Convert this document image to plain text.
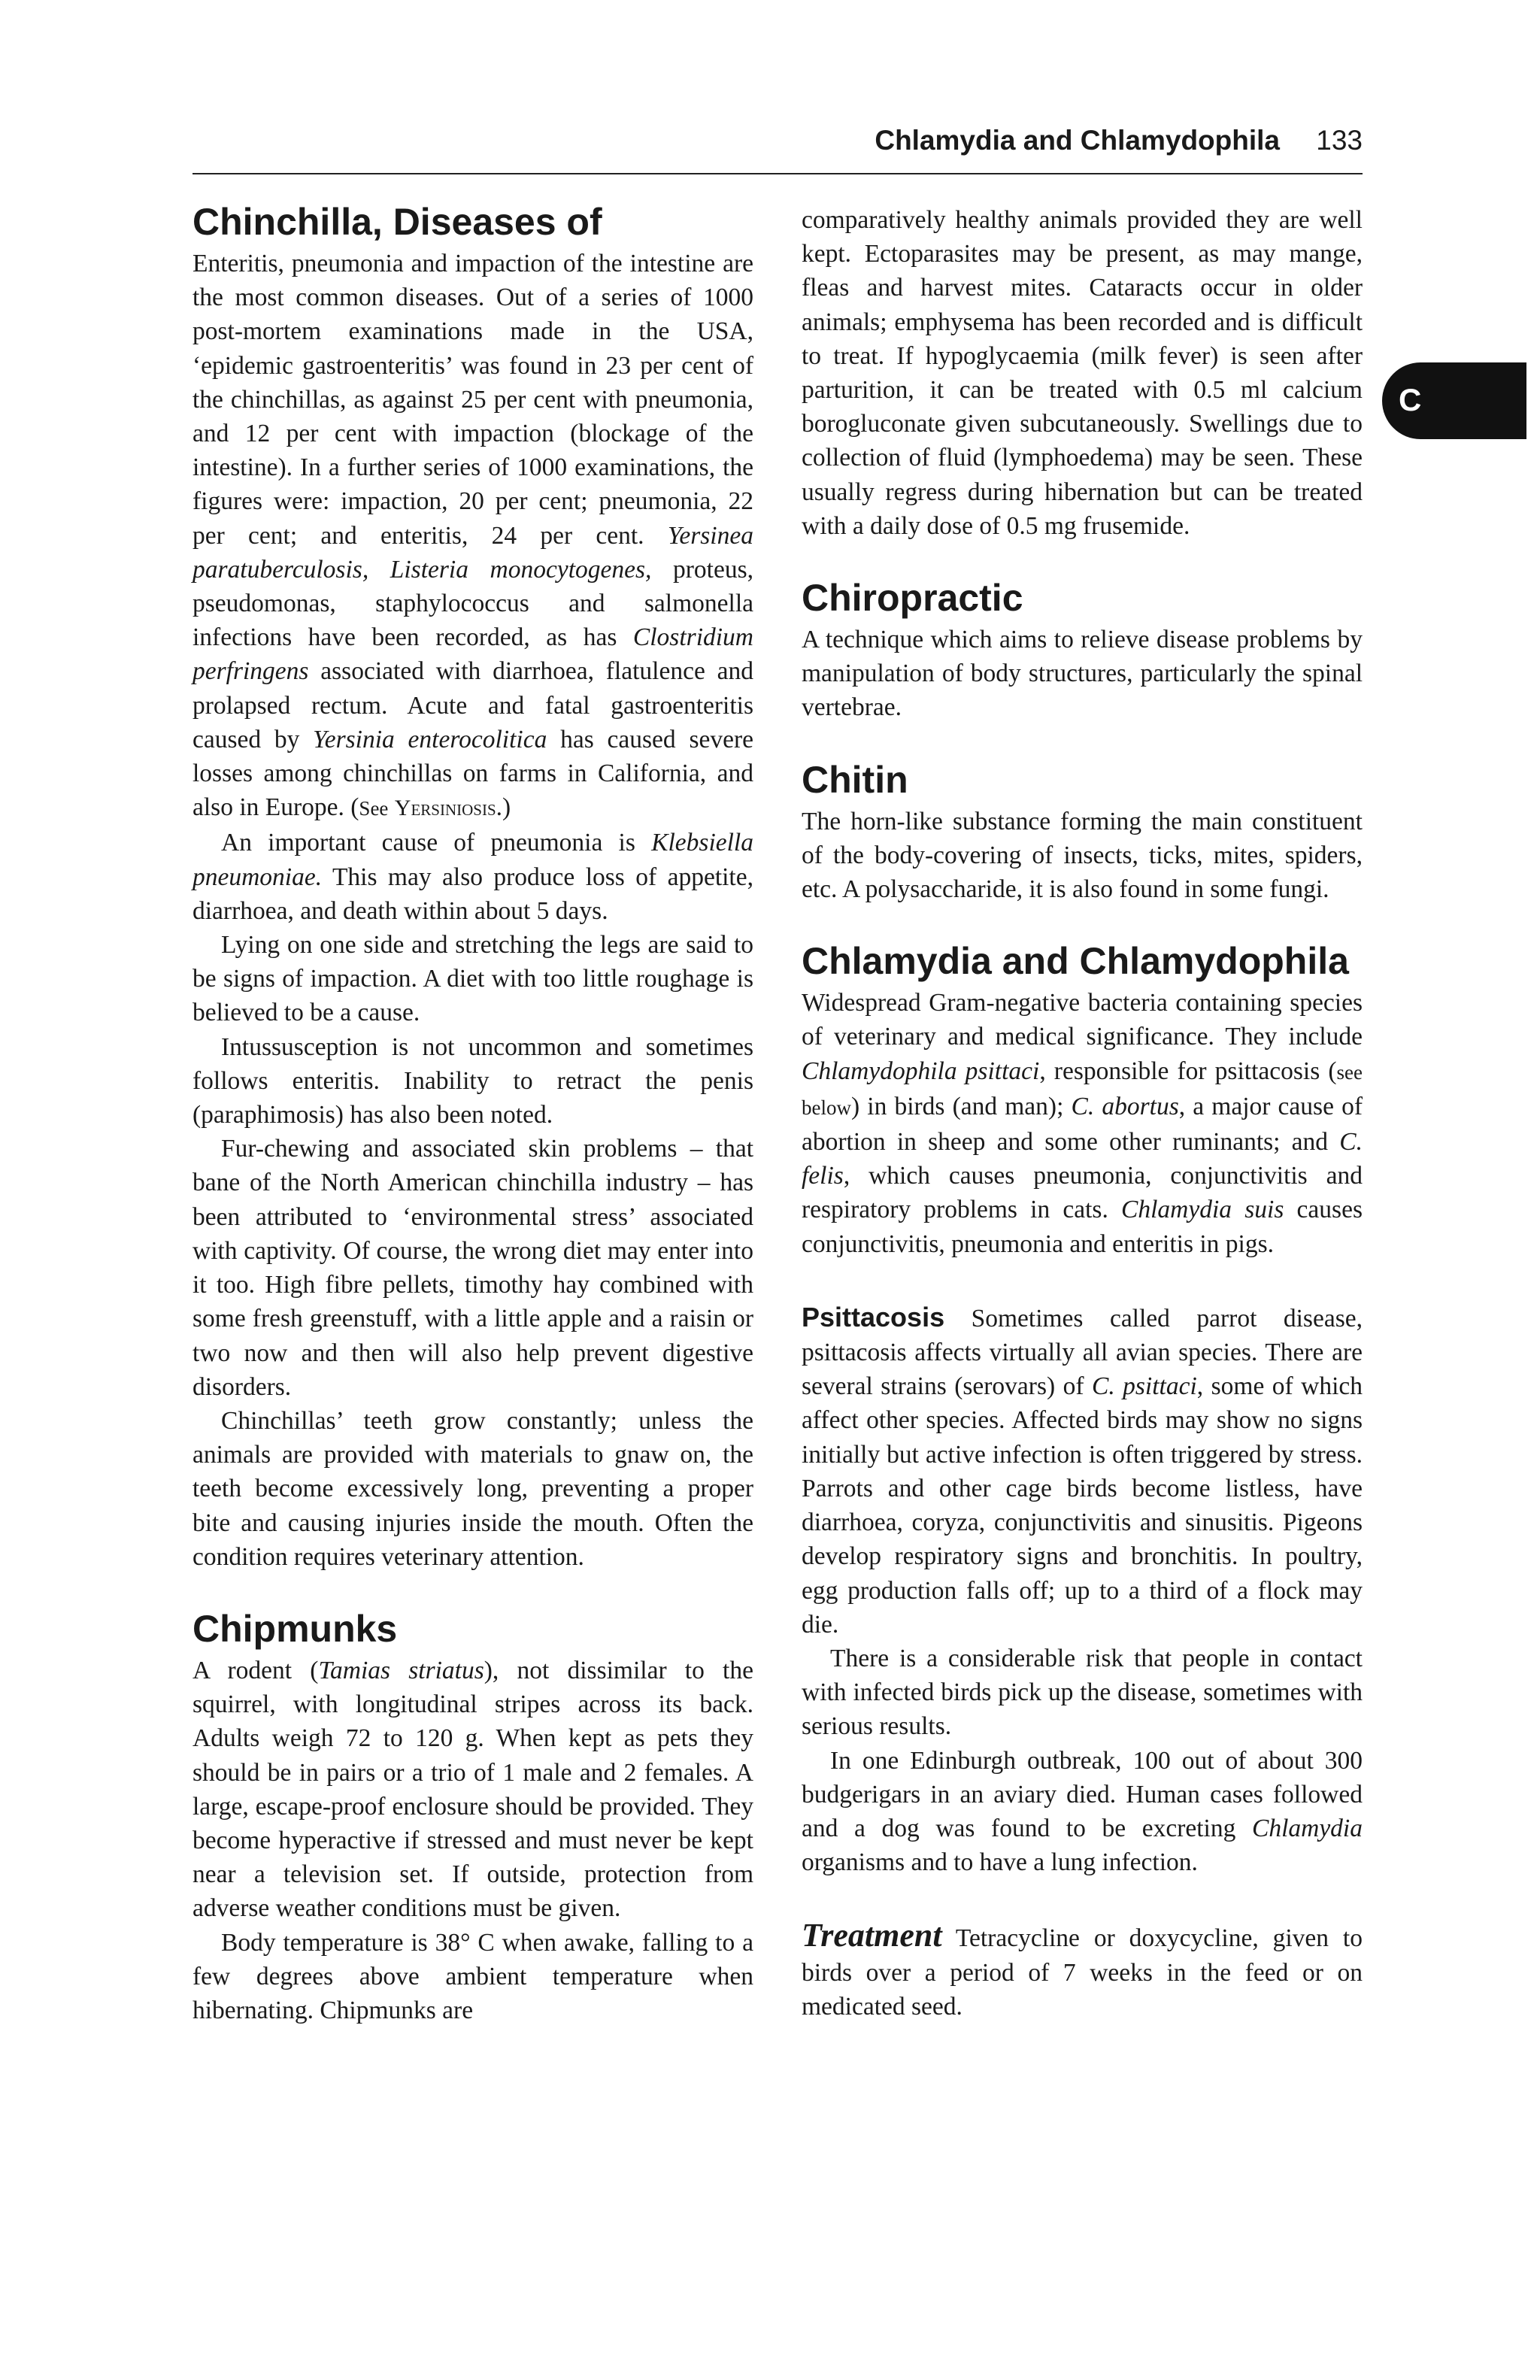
Chlamydia and Chlamydophila 133
C
Chinchilla, Diseases of

Enteritis, pneumonia and impaction of the intestine are the most common diseases. Out of a series of 1000 post-mortem examinations made in the USA, ‘epidemic gastroenteritis’ was found in 23 per cent of the chinchillas, as against 25 per cent with pneumonia, and 12 per cent with impaction (blockage of the intestine). In a further series of 1000 examinations, the figures were: impaction, 20 per cent; pneumonia, 22 per cent; and enteritis, 24 per cent. Yersinea paratuberculosis, Listeria monocytogenes, proteus, pseudomonas, staphylococcus and salmonella infections have been recorded, as has Clostridium perfringens associated with diarrhoea, flatulence and prolapsed rectum. Acute and fatal gastroenteritis caused by Yersinia enterocolitica has caused severe losses among chinchillas on farms in California, and also in Europe. (See Yersiniosis.)

An important cause of pneumonia is Klebsiella pneumoniae. This may also produce loss of appetite, diarrhoea, and death within about 5 days.

Lying on one side and stretching the legs are said to be signs of impaction. A diet with too little roughage is believed to be a cause.

Intussusception is not uncommon and sometimes follows enteritis. Inability to retract the penis (paraphimosis) has also been noted.

Fur-chewing and associated skin problems – that bane of the North American chinchilla industry – has been attributed to ‘environmental stress’ associated with captivity. Of course, the wrong diet may enter into it too. High fibre pellets, timothy hay combined with some fresh greenstuff, with a little apple and a raisin or two now and then will also help prevent digestive disorders.

Chinchillas’ teeth grow constantly; unless the animals are provided with materials to gnaw on, the teeth become excessively long, preventing a proper bite and causing injuries inside the mouth. Often the condition requires veterinary attention.

Chipmunks

A rodent (Tamias striatus), not dissimilar to the squirrel, with longitudinal stripes across its back. Adults weigh 72 to 120 g. When kept as pets they should be in pairs or a trio of 1 male and 2 females. A large, escape-proof enclosure should be provided. They become hyperactive if stressed and must never be kept near a television set. If outside, protection from adverse weather conditions must be given.

Body temperature is 38° C when awake, falling to a few degrees above ambient temperature when hibernating. Chipmunks are

comparatively healthy animals provided they are well kept. Ectoparasites may be present, as may mange, fleas and harvest mites. Cataracts occur in older animals; emphysema has been recorded and is difficult to treat. If hypoglycaemia (milk fever) is seen after parturition, it can be treated with 0.5 ml calcium borogluconate given subcutaneously. Swellings due to collection of fluid (lymphoedema) may be seen. These usually regress during hibernation but can be treated with a daily dose of 0.5 mg frusemide.

Chiropractic

A technique which aims to relieve disease problems by manipulation of body structures, particularly the spinal vertebrae.

Chitin

The horn-like substance forming the main constituent of the body-covering of insects, ticks, mites, spiders, etc. A polysaccharide, it is also found in some fungi.

Chlamydia and Chlamydophila

Widespread Gram-negative bacteria containing species of veterinary and medical significance. They include Chlamydophila psittaci, responsible for psittacosis (see below) in birds (and man); C. abortus, a major cause of abortion in sheep and some other ruminants; and C. felis, which causes pneumonia, conjunctivitis and respiratory problems in cats. Chlamydia suis causes conjunctivitis, pneumonia and enteritis in pigs.

Psittacosis Sometimes called parrot disease, psittacosis affects virtually all avian species. There are several strains (serovars) of C. psittaci, some of which affect other species. Affected birds may show no signs initially but active infection is often triggered by stress. Parrots and other cage birds become listless, have diarrhoea, coryza, conjunctivitis and sinusitis. Pigeons develop respiratory signs and bronchitis. In poultry, egg production falls off; up to a third of a flock may die.

There is a considerable risk that people in contact with infected birds pick up the disease, sometimes with serious results.

In one Edinburgh outbreak, 100 out of about 300 budgerigars in an aviary died. Human cases followed and a dog was found to be excreting Chlamydia organisms and to have a lung infection.

Treatment Tetracycline or doxycycline, given to birds over a period of 7 weeks in the feed or on medicated seed.
